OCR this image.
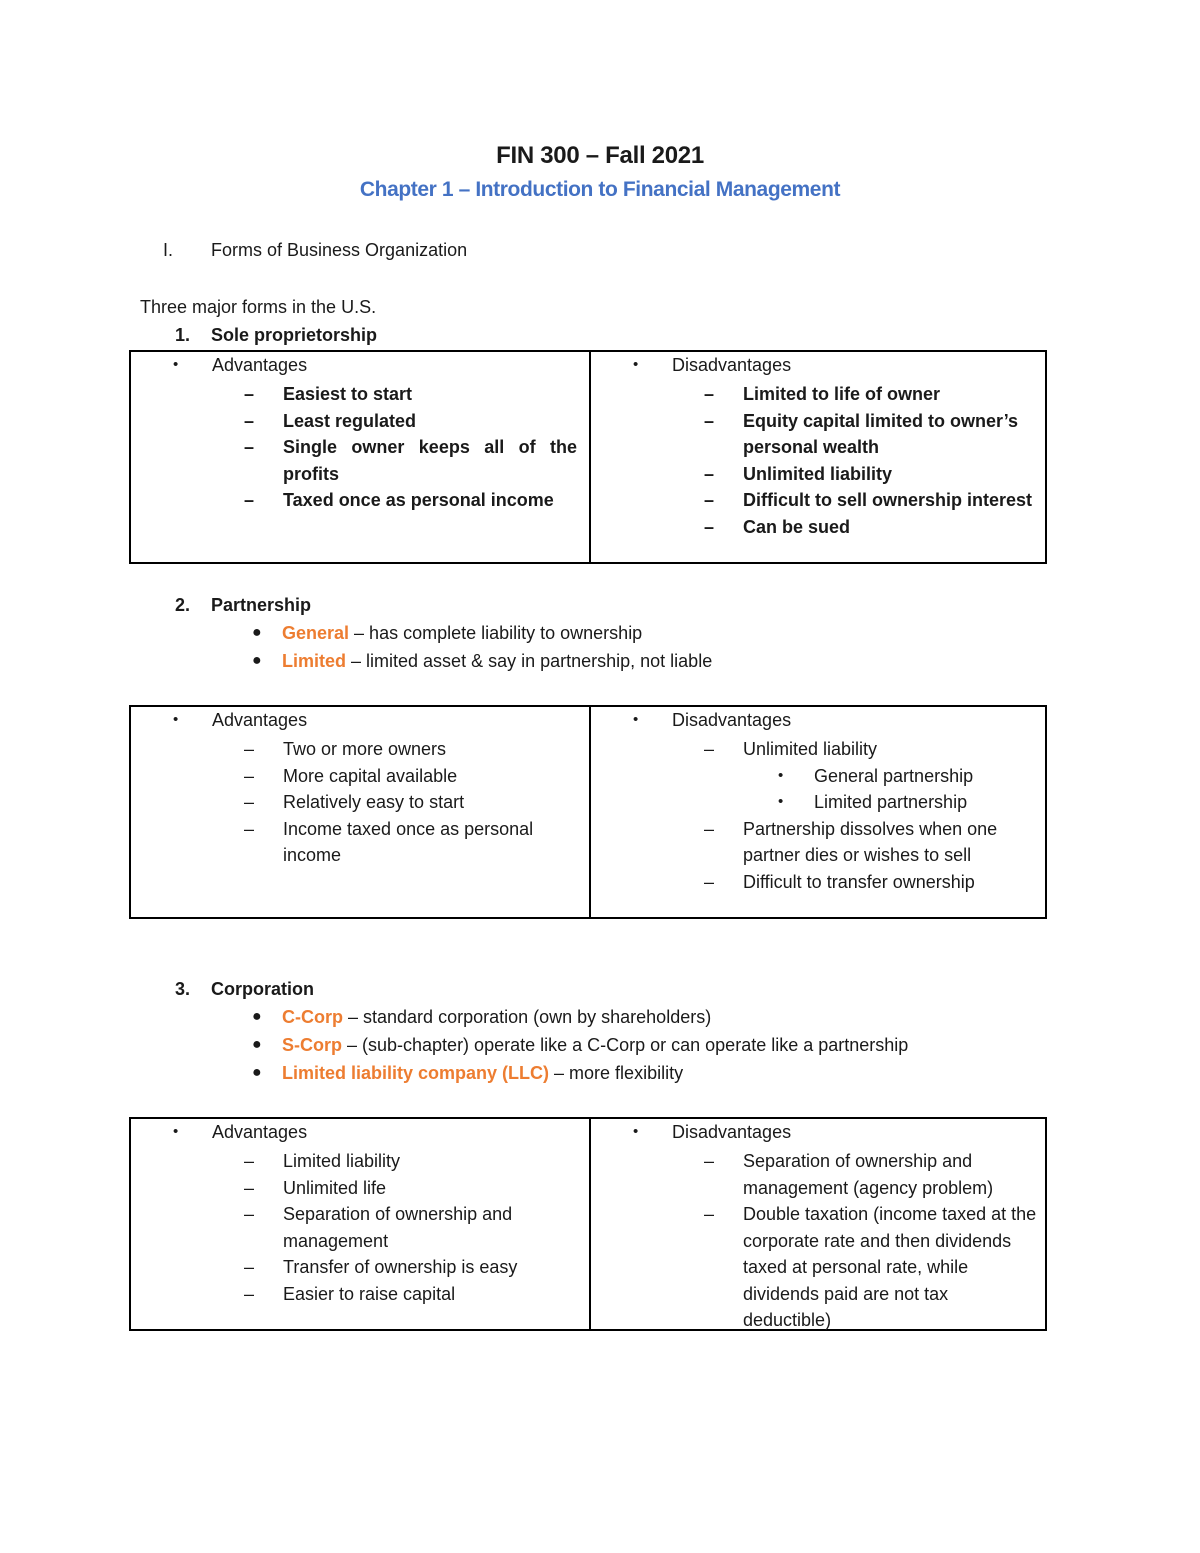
FIN 300 – Fall 2021
Chapter 1 – Introduction to Financial Management
I. Forms of Business Organization
Three major forms in the U.S.
1. Sole proprietorship
• Advantages
– Easiest to start
– Least regulated
– Single owner keeps all of the profits
– Taxed once as personal income
• Disadvantages
– Limited to life of owner
– Equity capital limited to owner’s personal wealth
– Unlimited liability
– Difficult to sell ownership interest
– Can be sued
2. Partnership
● General – has complete liability to ownership
● Limited – limited asset & say in partnership, not liable
• Advantages
– Two or more owners
– More capital available
– Relatively easy to start
– Income taxed once as personal income
• Disadvantages
– Unlimited liability
• General partnership
• Limited partnership
– Partnership dissolves when one partner dies or wishes to sell
– Difficult to transfer ownership
3. Corporation
● C-Corp – standard corporation (own by shareholders)
● S-Corp – (sub-chapter) operate like a C-Corp or can operate like a partnership
● Limited liability company (LLC) – more flexibility
• Advantages
– Limited liability
– Unlimited life
– Separation of ownership and management
– Transfer of ownership is easy
– Easier to raise capital
• Disadvantages
– Separation of ownership and management (agency problem)
– Double taxation (income taxed at the corporate rate and then dividends taxed at personal rate, while dividends paid are not tax deductible)
